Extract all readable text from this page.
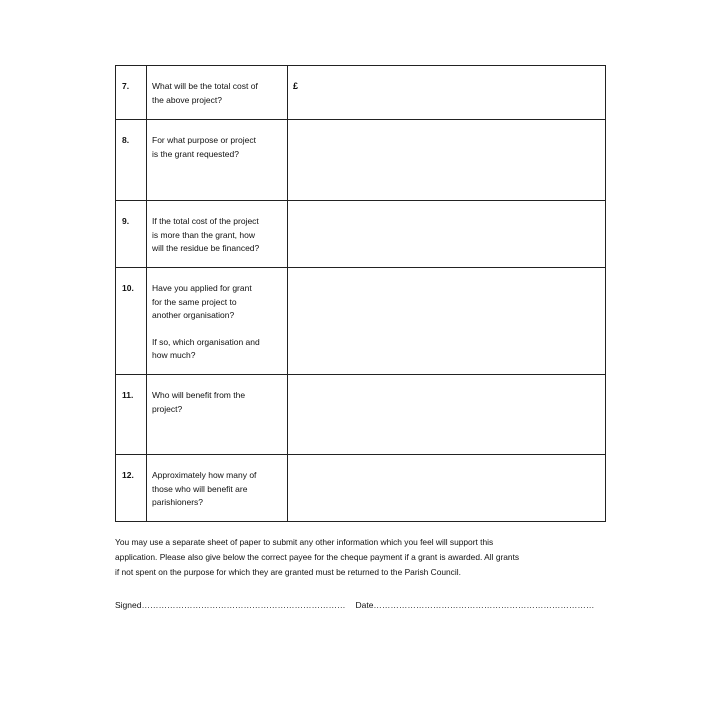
7.	What will be the total cost of
the above project?	£
8.	For what purpose or project
is the grant requested?	

9.	If the total cost of the project
is more than the grant, how
will the residue be financed?	

10.	Have you applied for grant
for the same project to
another organisation?
If so, which organisation and
how much?	

11.	Who will benefit from the
project?	

12.	Approximately how many of
those who will benefit are
parishioners?	

You may use a separate sheet of paper to submit any other information which you feel will support this
application. Please also give below the correct payee for the cheque payment if a grant is awarded. All grants
if not spent on the purpose for which they are granted must be returned to the Parish Council.
Signed……………………………………………………………… Date……………………………………………………………………
